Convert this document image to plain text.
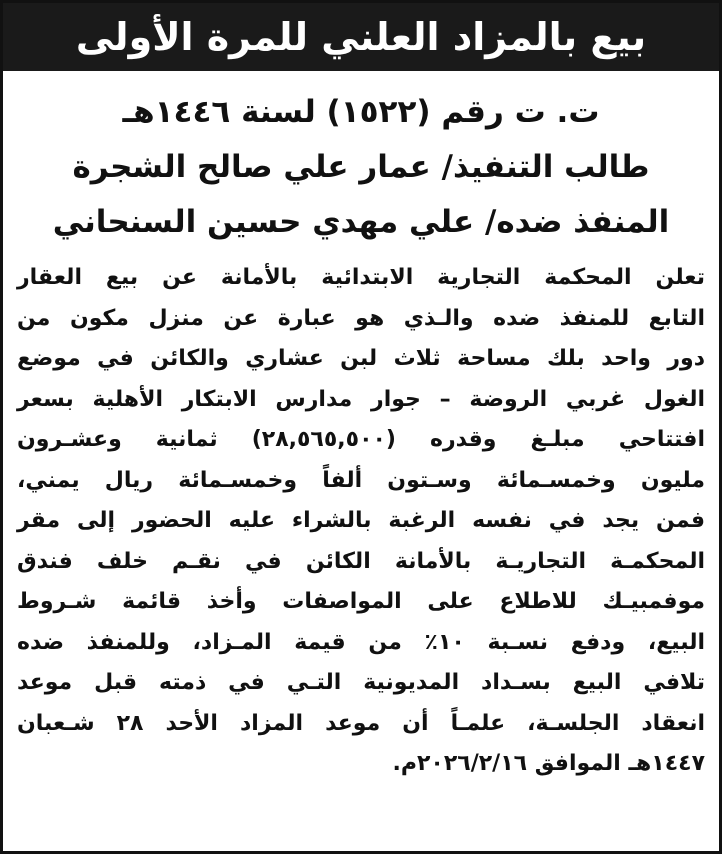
بيع بالمزاد العلني للمرة الأولى
ت. ت رقم (١٥٢٢) لسنة ١٤٤٦هـ
طالب التنفيذ/ عمار علي صالح الشجرة
المنفذ ضده/ علي مهدي حسين السنحاني
تعلن المحكمة التجارية الابتدائية بالأمانة عن بيع العقار
التابع للمنفذ ضده والـذي هو عبارة عن منزل مكون من
دور واحد بلك مساحة ثلاث لبن عشاري والكائن في موضع
الغول غربي الروضة – جوار مدارس الابتكار الأهلية بسعر
افتتاحي مبلـغ وقدره (٢٨,٥٦٥,٥٠٠) ثمانية وعشـرون
مليون وخمسـمائة وسـتون ألفاً وخمسـمائة ريال يمني،
فمن يجد في نفسه الرغبة بالشراء عليه الحضور إلى مقر
المحكمـة التجاريـة بالأمانة الكائن في نقـم خلف فندق
موفمبيـك للاطلاع على المواصفات وأخذ قائمة شـروط
البيع، ودفع نسـبة ١٠٪ من قيمة المـزاد، وللمنفذ ضده
تلافي البيع بسـداد المديونية التـي في ذمته قبل موعد
انعقاد الجلسـة، علمـاً أن موعد المزاد الأحد ٢٨ شـعبان
١٤٤٧هـ الموافق ٢٠٢٦/٢/١٦م.
